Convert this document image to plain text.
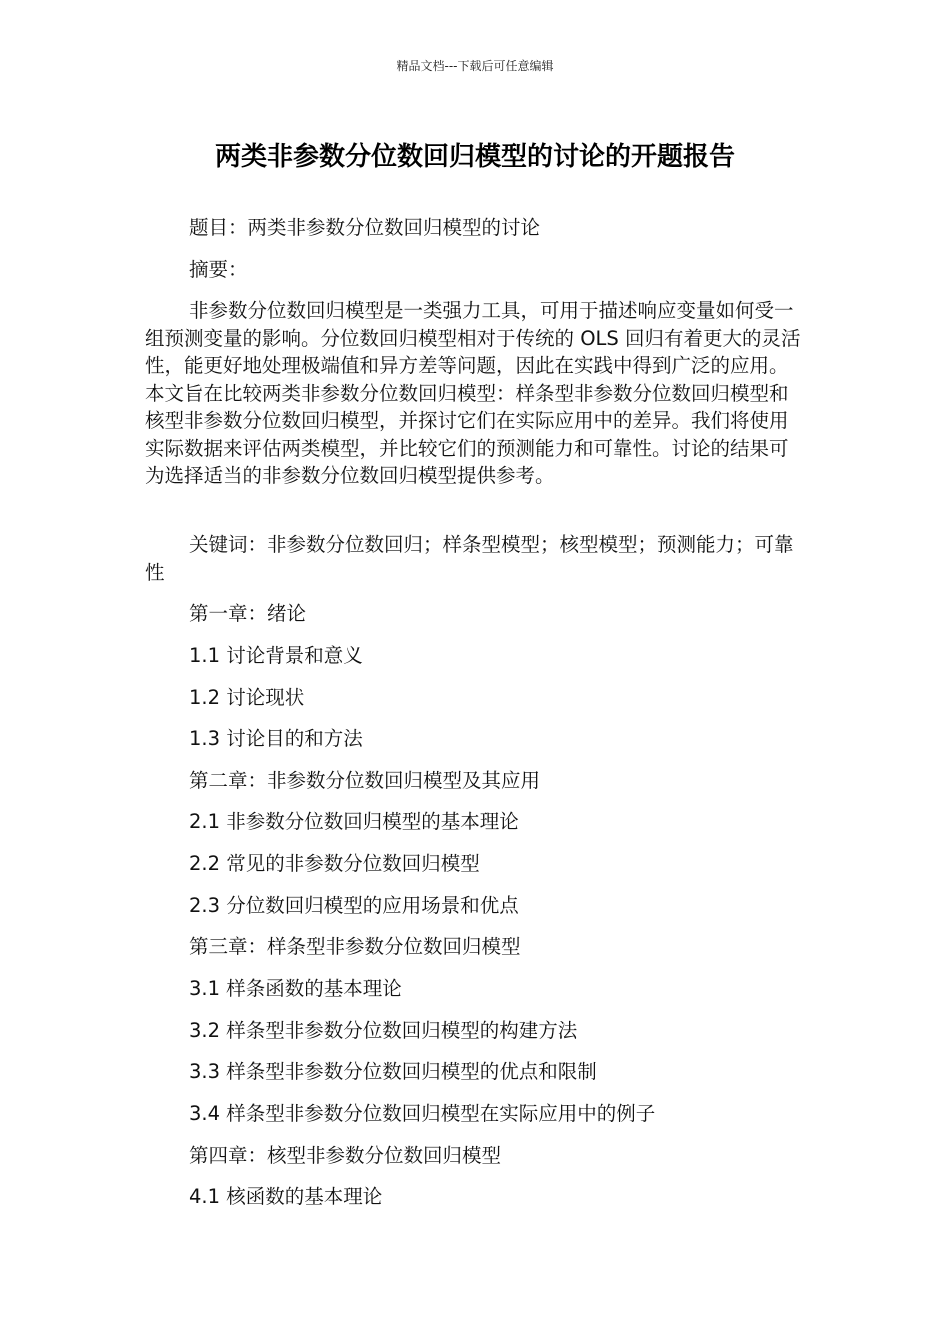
精品文档---下载后可任意编辑
两类非参数分位数回归模型的讨论的开题报告

题目：两类非参数分位数回归模型的讨论

摘要：

非参数分位数回归模型是一类强力工具，可用于描述响应变量如何受一组预测变量的影响。分位数回归模型相对于传统的 OLS 回归有着更大的灵活性，能更好地处理极端值和异方差等问题，因此在实践中得到广泛的应用。本文旨在比较两类非参数分位数回归模型：样条型非参数分位数回归模型和核型非参数分位数回归模型，并探讨它们在实际应用中的差异。我们将使用实际数据来评估两类模型，并比较它们的预测能力和可靠性。讨论的结果可为选择适当的非参数分位数回归模型提供参考。

关键词：非参数分位数回归；样条型模型；核型模型；预测能力；可靠性

第一章：绪论

1.1 讨论背景和意义

1.2 讨论现状

1.3 讨论目的和方法

第二章：非参数分位数回归模型及其应用

2.1 非参数分位数回归模型的基本理论

2.2 常见的非参数分位数回归模型

2.3 分位数回归模型的应用场景和优点

第三章：样条型非参数分位数回归模型

3.1 样条函数的基本理论

3.2 样条型非参数分位数回归模型的构建方法

3.3 样条型非参数分位数回归模型的优点和限制

3.4 样条型非参数分位数回归模型在实际应用中的例子

第四章：核型非参数分位数回归模型

4.1 核函数的基本理论
